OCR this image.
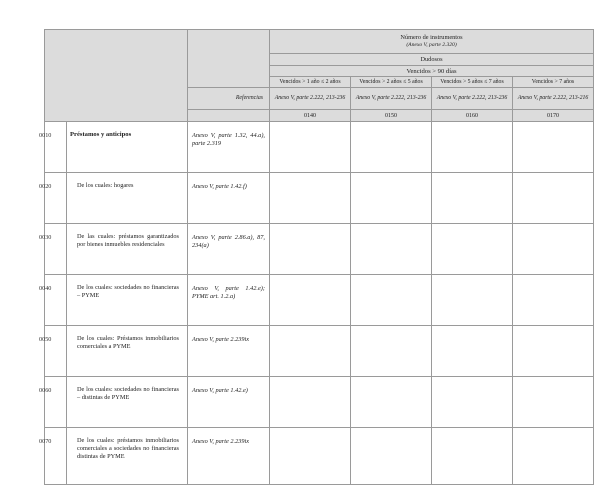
			Número de instrumentos

(Anexo V, parte 2.320)			

			Dudosos			
			Vencidos > 90 días			
			Vencidos > 1 año ≤ 2 años	Vencidos > 2 años ≤ 5 años	Vencidos > 5 años ≤ 7 años	Vencidos > 7 años
		Referencias	Anexo V, parte 2.222, 213-236	Anexo V, parte 2.222, 213-236	Anexo V, parte 2.222, 213-236	Anexo V, parte 2.222, 213-216
			0140	0150	0160	0170
0010	Préstamos y anticipos	Anexo V, parte 1.32, 44.a), parte 2.319				
0020	De los cuales: hogares	Anexo V, parte 1.42.f)				
0030	De las cuales: préstamos garantizados por bienes inmuebles residenciales	Anexo V, parte 2.86.a), 87, 234(a)				
0040	De los cuales: sociedades no financieras – PYME	Anexo V, parte 1.42.e); PYME art. 1.2.a)				
0050	De los cuales: Préstamos inmobiliarios comerciales a PYME	Anexo V, parte 2.239ix				
0060	De los cuales: sociedades no financieras – distintas de PYME	Anexo V, parte 1.42.e)				
0070	De los cuales: préstamos inmobiliarios comerciales a sociedades no financieras distintas de PYME	Anexo V, parte 2.239ix				
